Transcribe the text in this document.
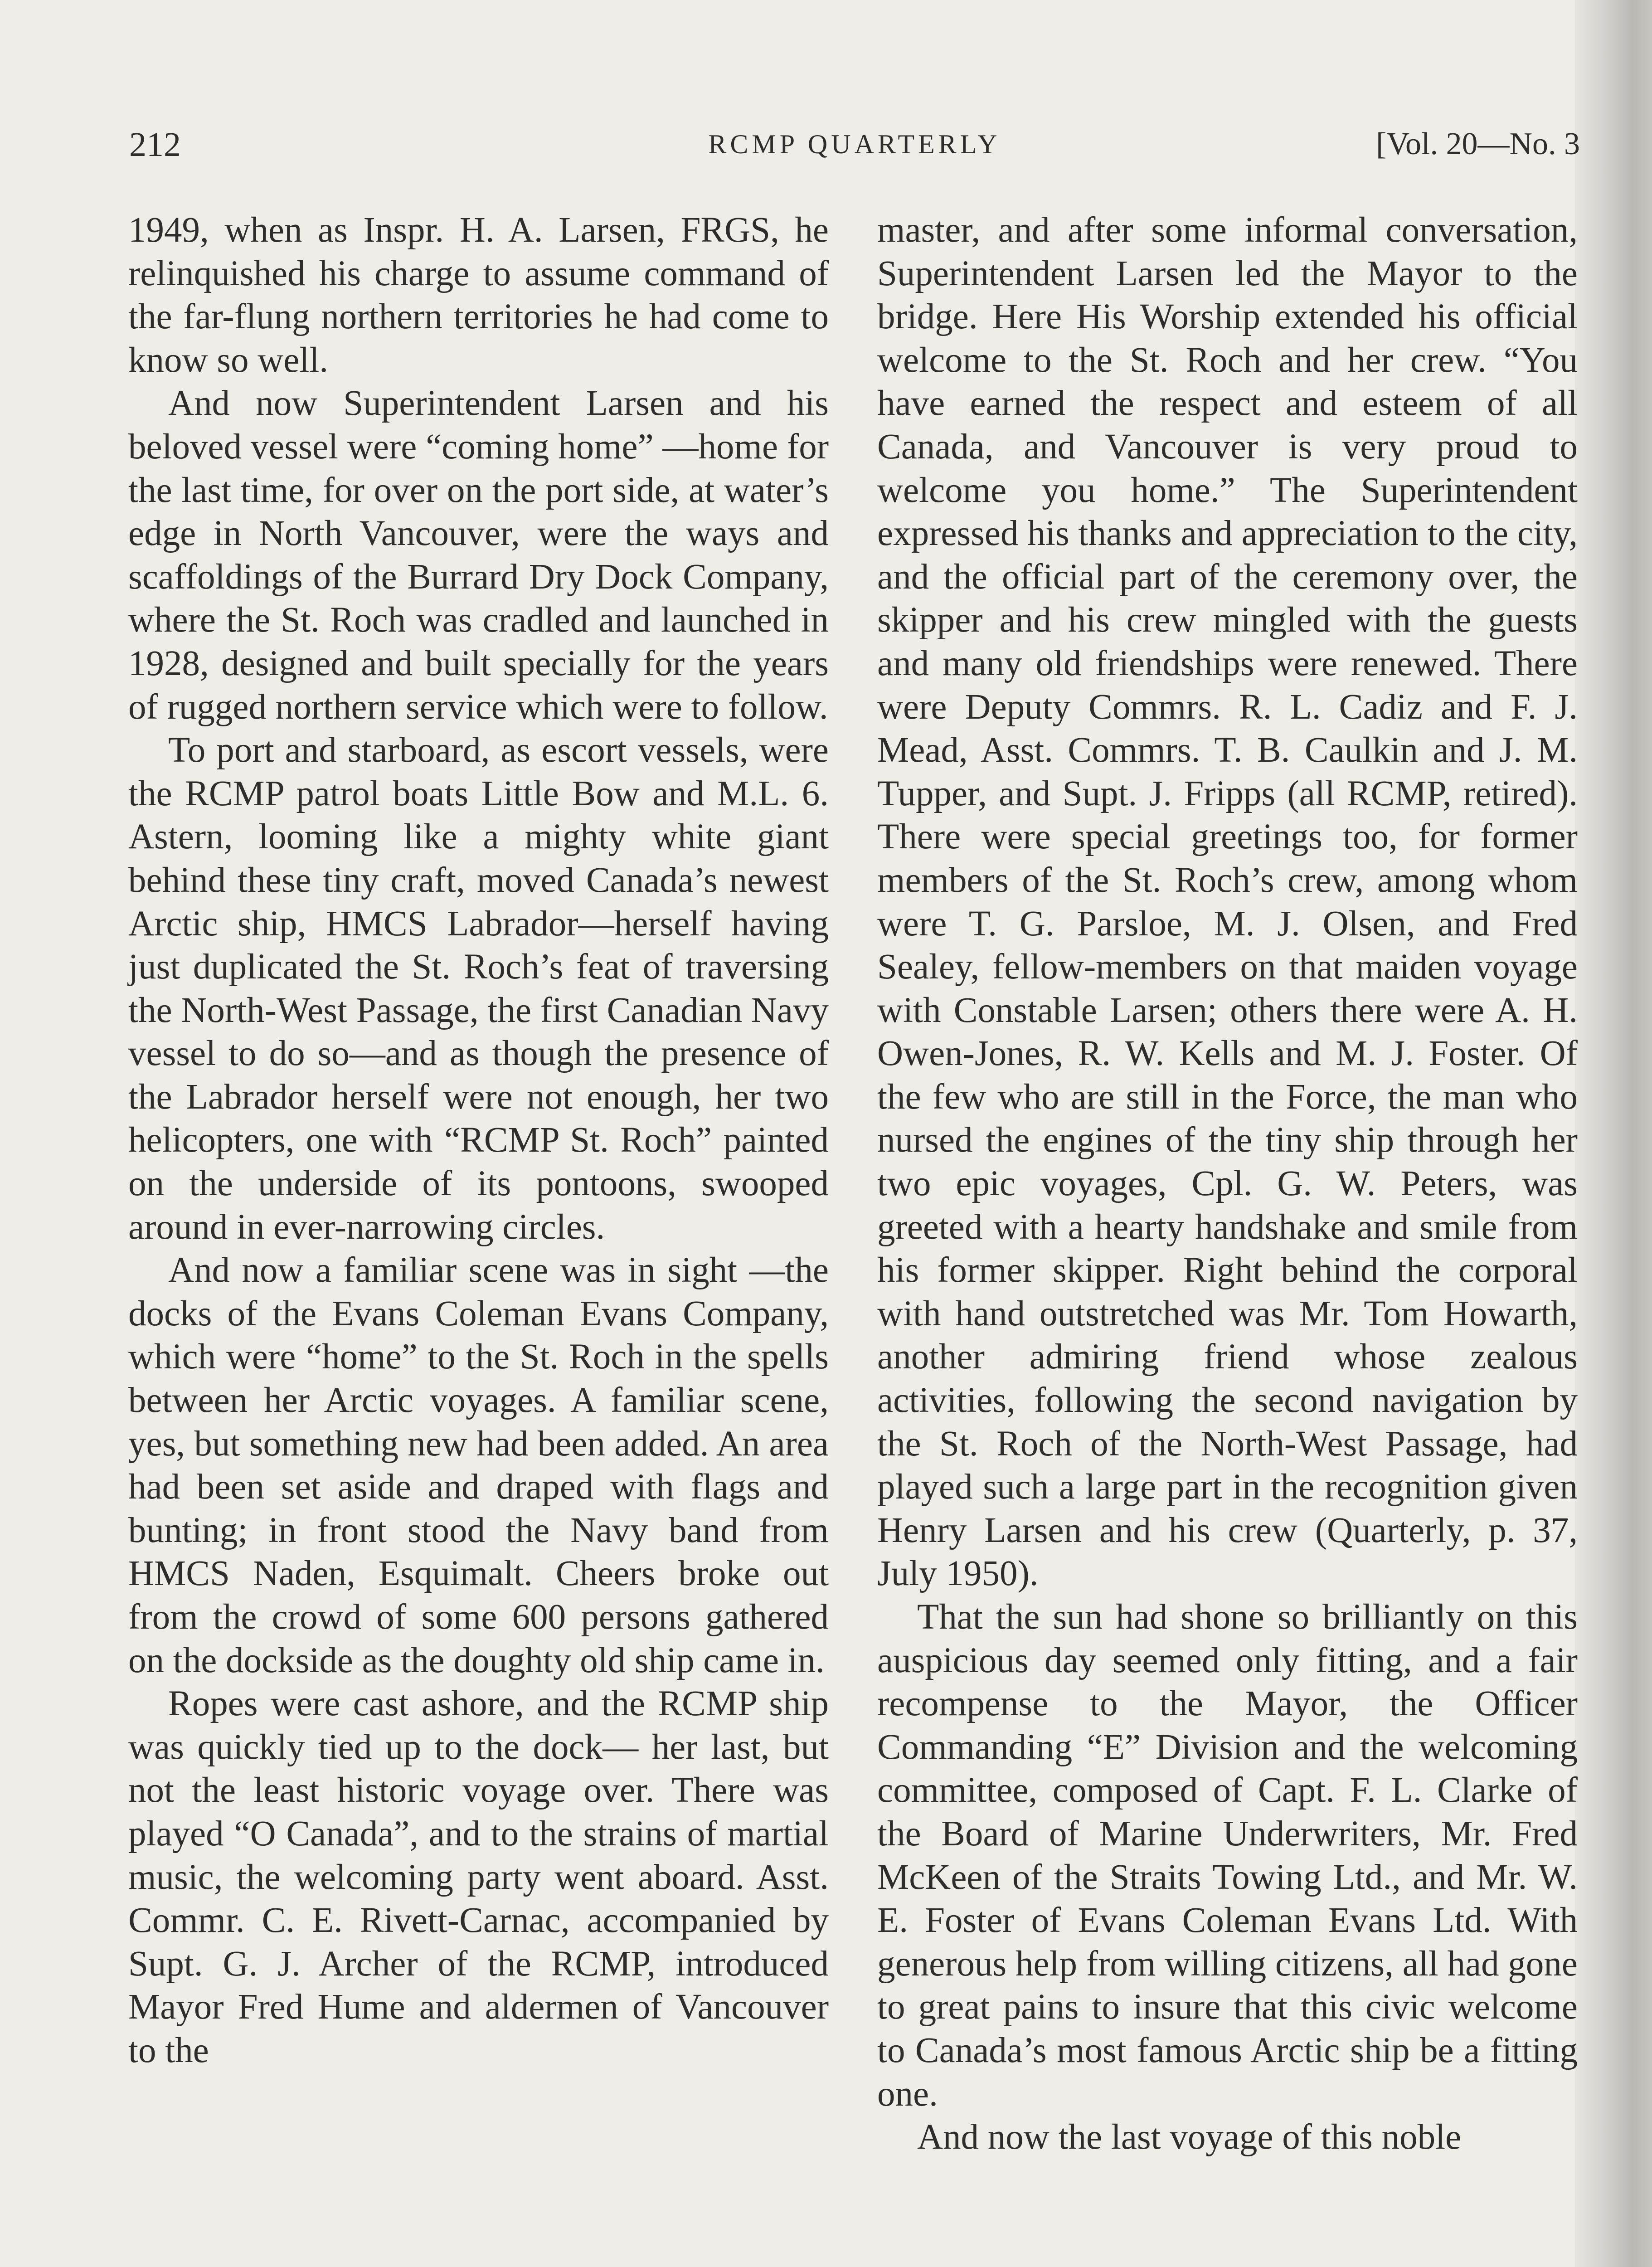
212	RCMP QUARTERLY	[Vol. 20—No. 3

1949, when as Inspr. H. A. Larsen, FRGS, he relinquished his charge to assume command of the far-flung northern territories he had come to know so well.

And now Superintendent Larsen and his beloved vessel were “coming home” —home for the last time, for over on the port side, at water’s edge in North Vancouver, were the ways and scaffoldings of the Burrard Dry Dock Company, where the St. Roch was cradled and launched in 1928, designed and built specially for the years of rugged northern service which were to follow.

To port and starboard, as escort vessels, were the RCMP patrol boats Little Bow and M.L. 6. Astern, looming like a mighty white giant behind these tiny craft, moved Canada’s newest Arctic ship, HMCS Labrador—herself having just duplicated the St. Roch’s feat of traversing the North-West Passage, the first Canadian Navy vessel to do so—and as though the presence of the Labrador herself were not enough, her two helicopters, one with “RCMP St. Roch” painted on the underside of its pontoons, swooped around in ever-narrowing circles.

And now a familiar scene was in sight —the docks of the Evans Coleman Evans Company, which were “home” to the St. Roch in the spells between her Arctic voyages. A familiar scene, yes, but something new had been added. An area had been set aside and draped with flags and bunting; in front stood the Navy band from HMCS Naden, Esquimalt. Cheers broke out from the crowd of some 600 persons gathered on the dockside as the doughty old ship came in.

Ropes were cast ashore, and the RCMP ship was quickly tied up to the dock— her last, but not the least historic voyage over. There was played “O Canada”, and to the strains of martial music, the welcoming party went aboard. Asst. Commr. C. E. Rivett-Carnac, accompanied by Supt. G. J. Archer of the RCMP, introduced Mayor Fred Hume and aldermen of Vancouver to the

master, and after some informal conversation, Superintendent Larsen led the Mayor to the bridge. Here His Worship extended his official welcome to the St. Roch and her crew. “You have earned the respect and esteem of all Canada, and Vancouver is very proud to welcome you home.” The Superintendent expressed his thanks and appreciation to the city, and the official part of the ceremony over, the skipper and his crew mingled with the guests and many old friendships were renewed. There were Deputy Commrs. R. L. Cadiz and F. J. Mead, Asst. Commrs. T. B. Caulkin and J. M. Tupper, and Supt. J. Fripps (all RCMP, retired). There were special greetings too, for former members of the St. Roch’s crew, among whom were T. G. Parsloe, M. J. Olsen, and Fred Sealey, fellow-members on that maiden voyage with Constable Larsen; others there were A. H. Owen-Jones, R. W. Kells and M. J. Foster. Of the few who are still in the Force, the man who nursed the engines of the tiny ship through her two epic voyages, Cpl. G. W. Peters, was greeted with a hearty handshake and smile from his former skipper. Right behind the corporal with hand outstretched was Mr. Tom Howarth, another admiring friend whose zealous activities, following the second navigation by the St. Roch of the North-West Passage, had played such a large part in the recognition given Henry Larsen and his crew (Quarterly, p. 37, July 1950).

That the sun had shone so brilliantly on this auspicious day seemed only fitting, and a fair recompense to the Mayor, the Officer Commanding “E” Division and the welcoming committee, composed of Capt. F. L. Clarke of the Board of Marine Underwriters, Mr. Fred McKeen of the Straits Towing Ltd., and Mr. W. E. Foster of Evans Coleman Evans Ltd. With generous help from willing citizens, all had gone to great pains to insure that this civic welcome to Canada’s most famous Arctic ship be a fitting one.

And now the last voyage of this noble
